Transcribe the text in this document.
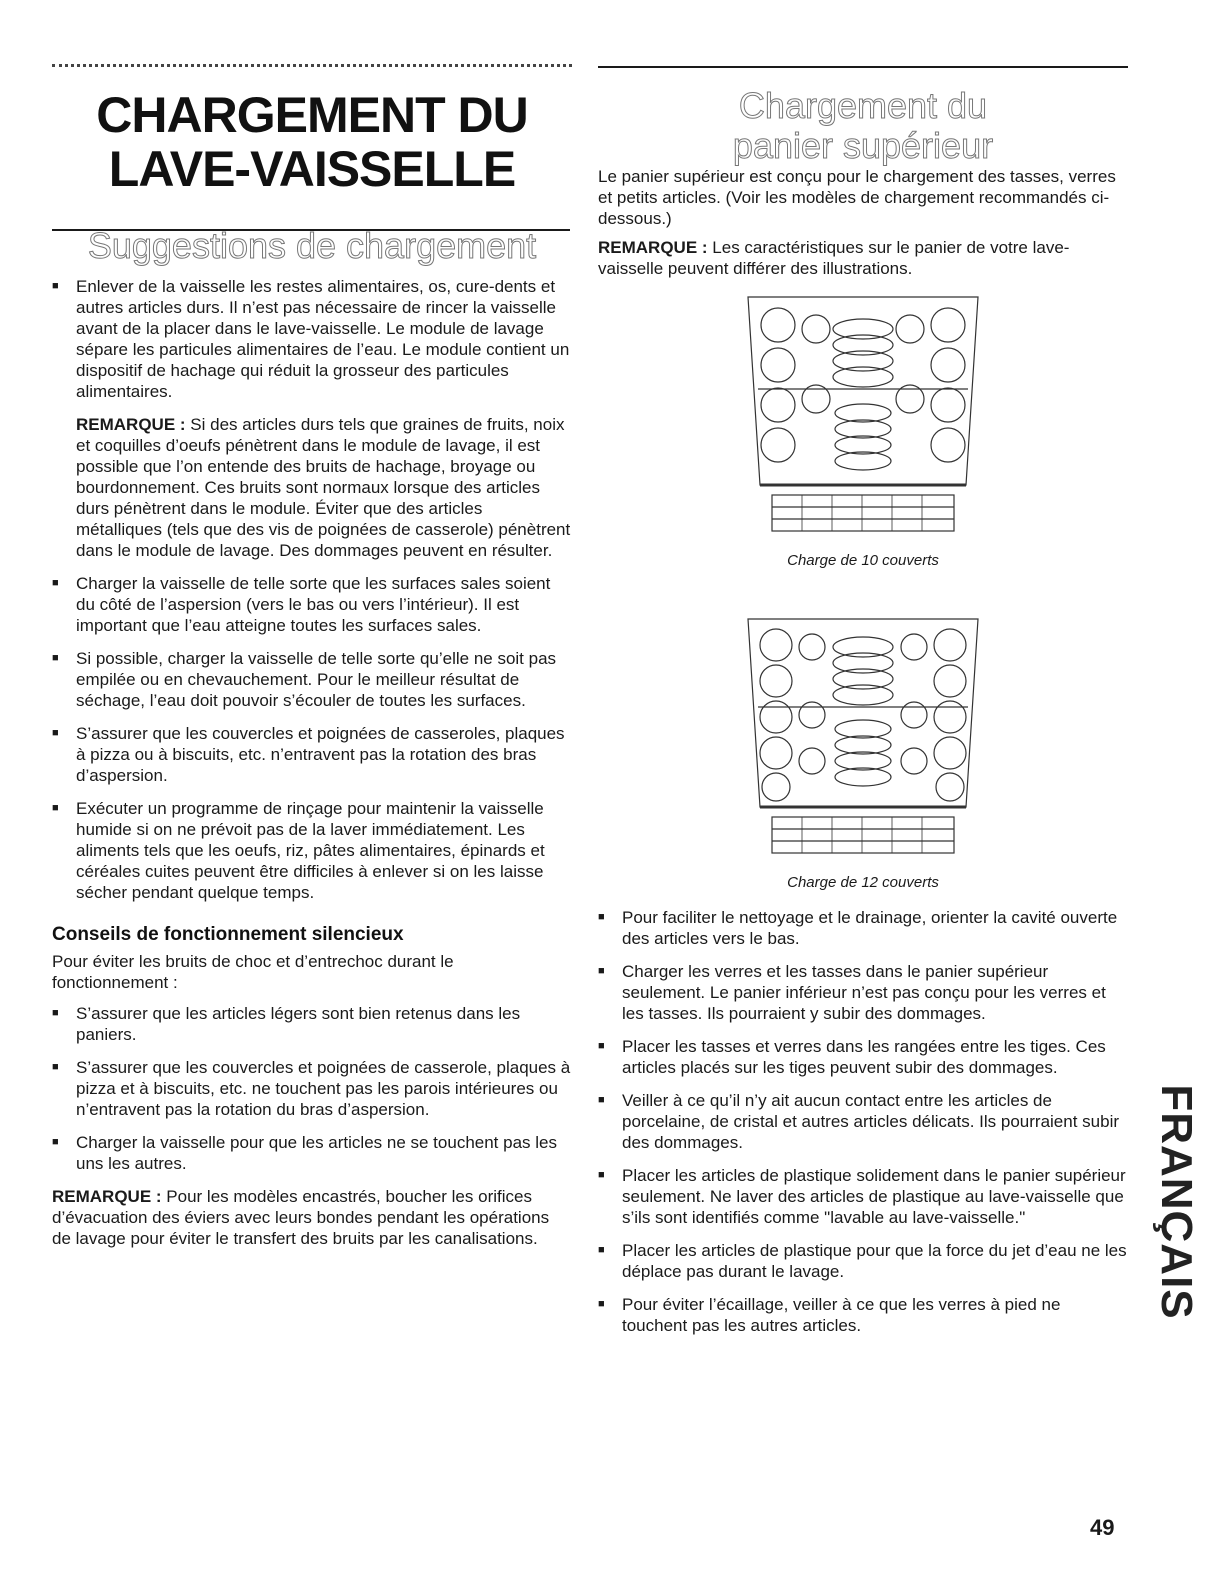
CHARGEMENT DU
LAVE-VAISSELLE
Suggestions de chargement
■ Enlever de la vaisselle les restes alimentaires, os, cure-dents et autres articles durs. Il n’est pas nécessaire de rincer la vaisselle avant de la placer dans le lave-vaisselle. Le module de lavage sépare les particules alimentaires de l’eau. Le module contient un dispositif de hachage qui réduit la grosseur des particules alimentaires.

REMARQUE : Si des articles durs tels que graines de fruits, noix et coquilles d’oeufs pénètrent dans le module de lavage, il est possible que l’on entende des bruits de hachage, broyage ou bourdonnement. Ces bruits sont normaux lorsque des articles durs pénètrent dans le module. Éviter que des articles métalliques (tels que des vis de poignées de casserole) pénètrent dans le module de lavage. Des dommages peuvent en résulter.

■ Charger la vaisselle de telle sorte que les surfaces sales soient du côté de l’aspersion (vers le bas ou vers l’intérieur). Il est important que l’eau atteigne toutes les surfaces sales.
■ Si possible, charger la vaisselle de telle sorte qu’elle ne soit pas empilée ou en chevauchement. Pour le meilleur résultat de séchage, l’eau doit pouvoir s’écouler de toutes les surfaces.
■ S’assurer que les couvercles et poignées de casseroles, plaques à pizza ou à biscuits, etc. n’entravent pas la rotation des bras d’aspersion.
■ Exécuter un programme de rinçage pour maintenir la vaisselle humide si on ne prévoit pas de la laver immédiatement. Les aliments tels que les oeufs, riz, pâtes alimentaires, épinards et céréales cuites peuvent être difficiles à enlever si on les laisse sécher pendant quelque temps.
Conseils de fonctionnement silencieux

Pour éviter les bruits de choc et d’entrechoc durant le fonctionnement :

■ S’assurer que les articles légers sont bien retenus dans les paniers.
■ S’assurer que les couvercles et poignées de casserole, plaques à pizza et à biscuits, etc. ne touchent pas les parois intérieures ou n’entravent pas la rotation du bras d’aspersion.
■ Charger la vaisselle pour que les articles ne se touchent pas les uns les autres.

REMARQUE : Pour les modèles encastrés, boucher les orifices d’évacuation des éviers avec leurs bondes pendant les opérations de lavage pour éviter le transfert des bruits par les canalisations.

Chargement du
panier supérieur

Le panier supérieur est conçu pour le chargement des tasses, verres et petits articles. (Voir les modèles de chargement recommandés ci-dessous.)

REMARQUE : Les caractéristiques sur le panier de votre lave-vaisselle peuvent différer des illustrations.

Charge de 10 couverts
Charge de 12 couverts
■ Pour faciliter le nettoyage et le drainage, orienter la cavité ouverte des articles vers le bas.
■ Charger les verres et les tasses dans le panier supérieur seulement. Le panier inférieur n’est pas conçu pour les verres et les tasses. Ils pourraient y subir des dommages.
■ Placer les tasses et verres dans les rangées entre les tiges. Ces articles placés sur les tiges peuvent subir des dommages.
■ Veiller à ce qu’il n’y ait aucun contact entre les articles de porcelaine, de cristal et autres articles délicats. Ils pourraient subir des dommages.
■ Placer les articles de plastique solidement dans le panier supérieur seulement. Ne laver des articles de plastique au lave-vaisselle que s’ils sont identifiés comme "lavable au lave-vaisselle."
■ Placer les articles de plastique pour que la force du jet d’eau ne les déplace pas durant le lavage.
■ Pour éviter l’écaillage, veiller à ce que les verres à pied ne touchent pas les autres articles.
FRANÇAIS
49
